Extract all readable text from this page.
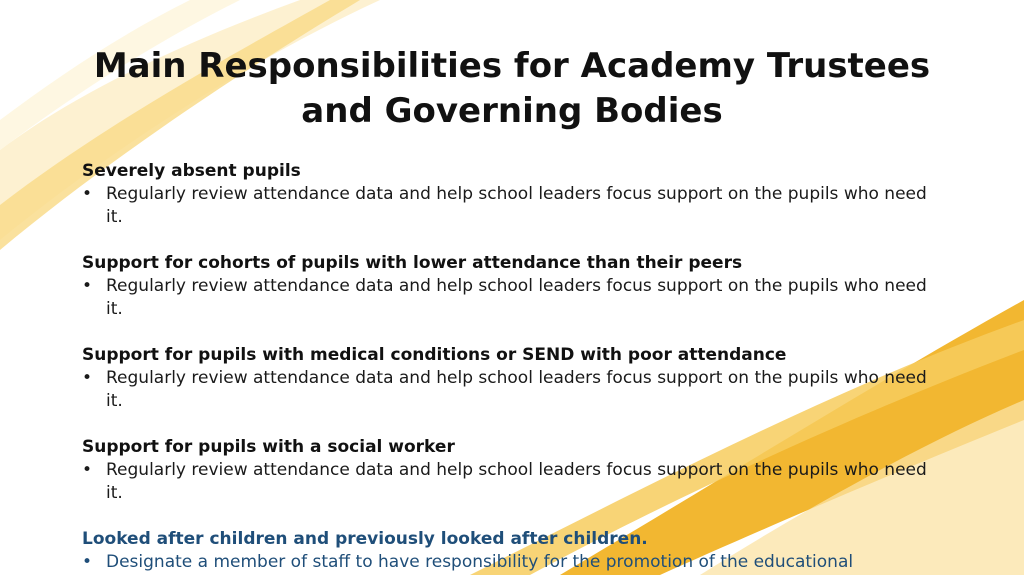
Main Responsibilities for Academy Trustees
and Governing Bodies
Severely absent pupils
• Regularly review attendance data and help school leaders focus support on the pupils who need it.
Support for cohorts of pupils with lower attendance than their peers
• Regularly review attendance data and help school leaders focus support on the pupils who need it.
Support for pupils with medical conditions or SEND with poor attendance
• Regularly review attendance data and help school leaders focus support on the pupils who need it.
Support for pupils with a social worker
• Regularly review attendance data and help school leaders focus support on the pupils who need it.
Looked after children and previously looked after children.
• Designate a member of staff to have responsibility for the promotion of the educational
